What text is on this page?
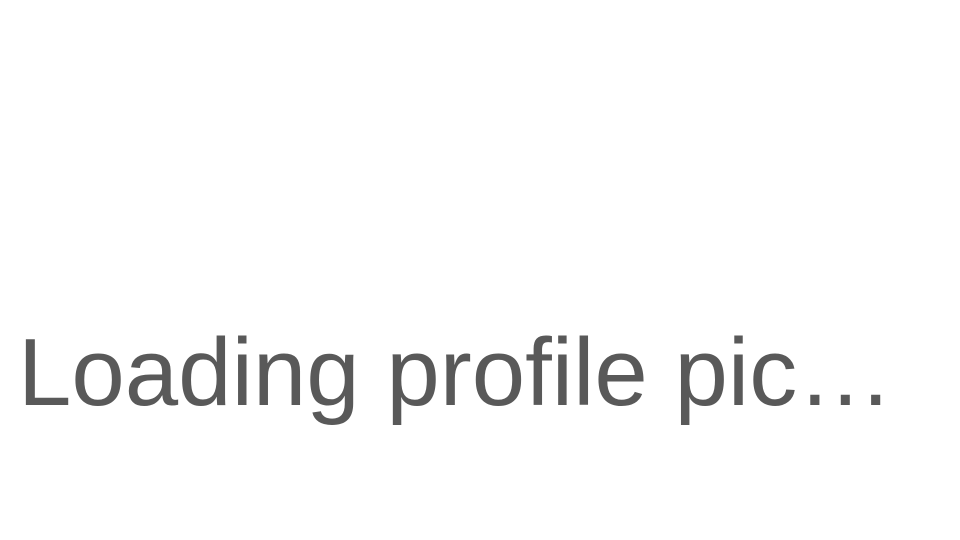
Loading profile pic…
